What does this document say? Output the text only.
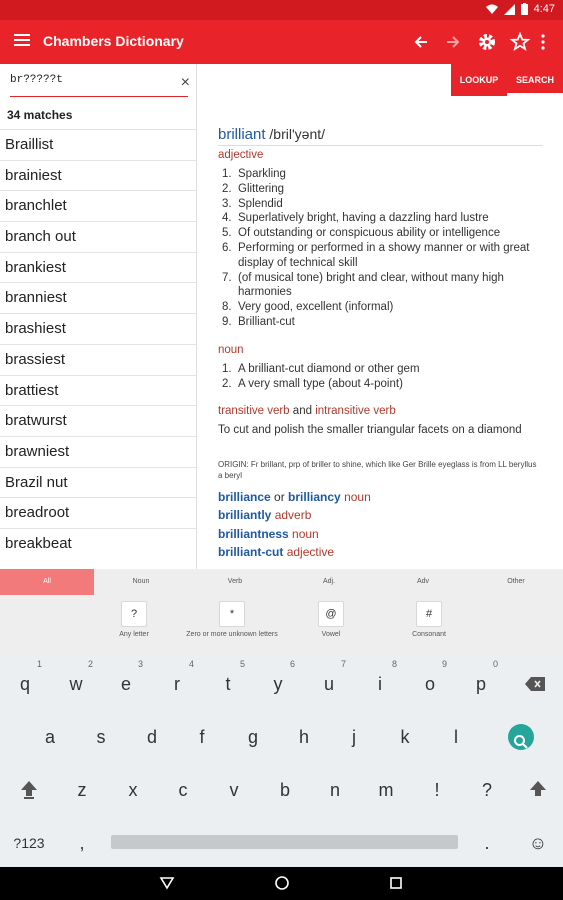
4:47
Chambers Dictionary
br?????t
×
34 matches
Braillist
brainiest
branchlet
branch out
brankiest
branniest
brashiest
brassiest
brattiest
bratwurst
brawniest
Brazil nut
breadroot
breakbeat
LOOKUP	SEARCH
brilliant /bril'yənt/
adjective
1. Sparkling
2. Glittering
3. Splendid
4. Superlatively bright, having a dazzling hard lustre
5. Of outstanding or conspicuous ability or intelligence
6. Performing or performed in a showy manner or with great display of technical skill
7. (of musical tone) bright and clear, without many high harmonies
8. Very good, excellent (informal)
9. Brilliant-cut
noun
1. A brilliant-cut diamond or other gem
2. A very small type (about 4-point)
transitive verb and intransitive verb
To cut and polish the smaller triangular facets on a diamond
ORIGIN: Fr brillant, prp of briller to shine, which like Ger Brille eyeglass is from LL beryllus a beryl
brilliance or brilliancy noun
brilliantly adverb
brilliantness noun
brilliant-cut adjective
All	Noun	Verb	Adj.	Adv	Other
?
Any letter
*
Zero or more unknown letters
@
Vowel
#
Consonant
1
q
2
w
3
e
4
r
5
t
6
y
7
u
8
i
9
o
0
p
a	s	d	f	g	h	j	k	l
z	x	c	v	b	n	m	!	?
?123	,	.	☺
